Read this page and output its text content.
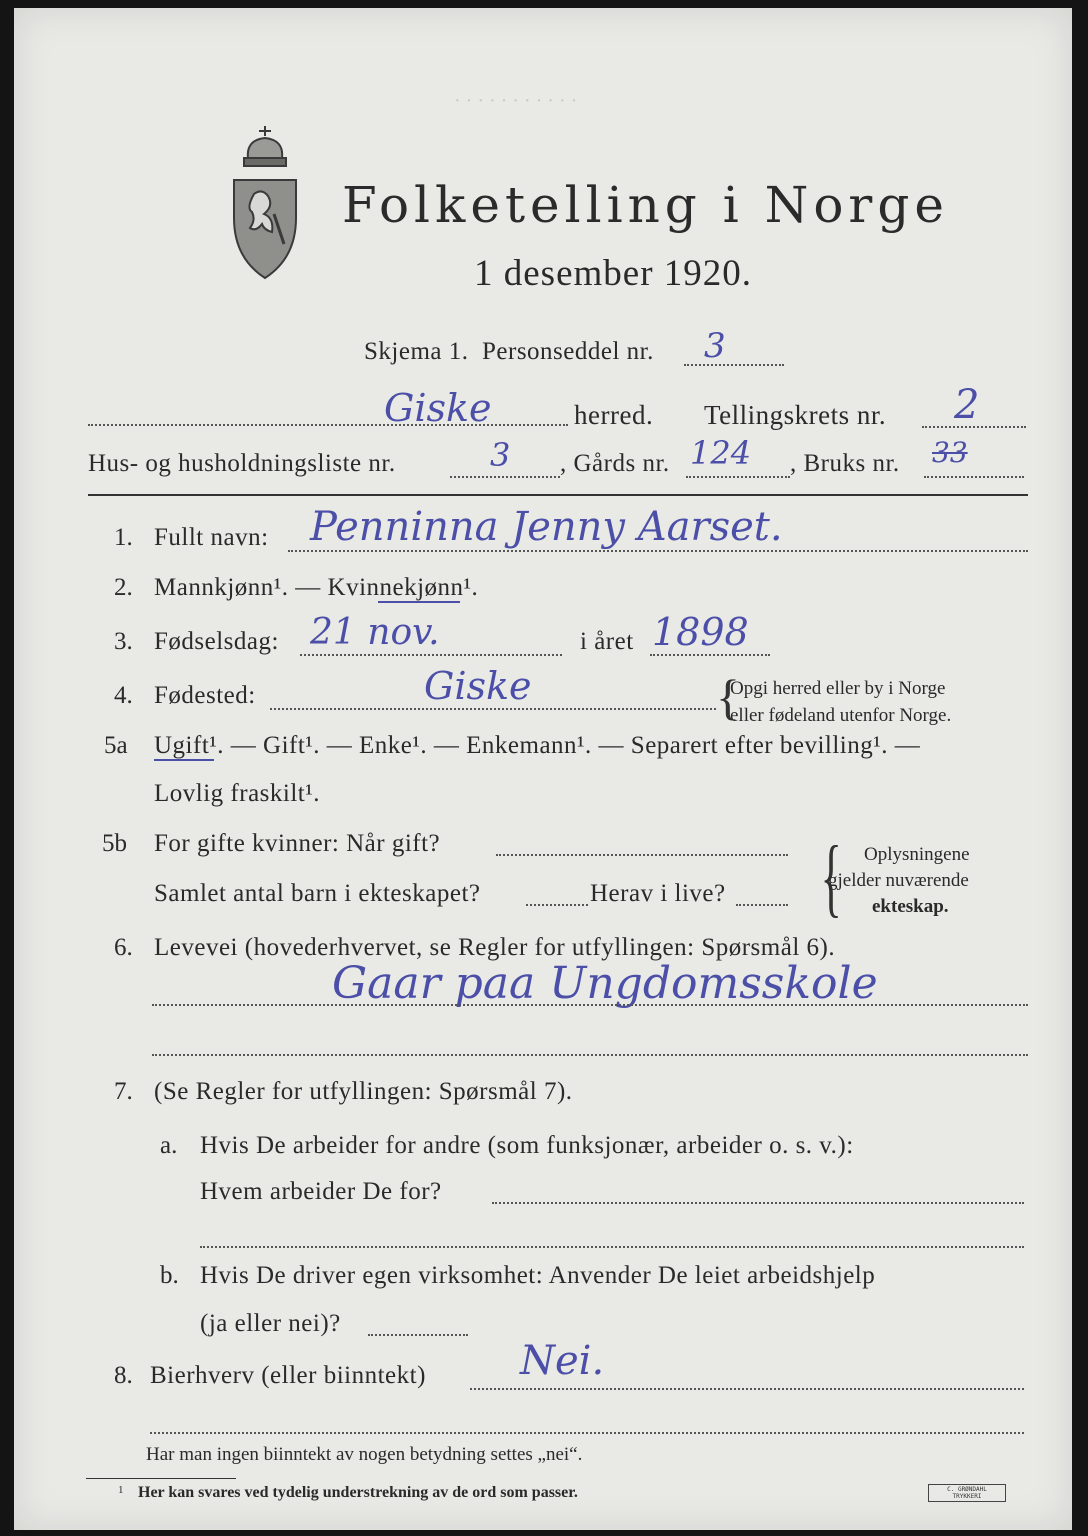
· · · · · · · · · · ·
Folketelling i Norge
1 desember 1920.
Skjema 1. Personseddel nr. 3
Giske	herred. Tellingskrets nr. 2
Hus- og husholdningsliste nr.	3 , Gårds nr. 124 , Bruks nr. 33
1. Fullt navn: Penninna Jenny Aarset.
2. Mannkjønn¹. — Kvinnekjønn¹.
3. Fødselsdag: 21 nov.	i året 1898
4. Fødested:	Giske	{
Opgi herred eller by i Norge
eller fødeland utenfor Norge.
5a Ugift¹. — Gift¹. — Enke¹. — Enkemann¹. — Separert efter bevilling¹. —
Lovlig fraskilt¹.
5b For gifte kvinner: Når gift?
Samlet antal barn i ekteskapet?	Herav i live? { Oplysningene
gjelder nuværende
ekteskap.
6. Levevei (hovederhvervet, se Regler for utfyllingen: Spørsmål 6).
Gaar paa Ungdomsskole
7. (Se Regler for utfyllingen: Spørsmål 7).
a. Hvis De arbeider for andre (som funksjonær, arbeider o. s. v.):
Hvem arbeider De for?
b. Hvis De driver egen virksomhet: Anvender De leiet arbeidshjelp
(ja eller nei)?
8. Bierhverv (eller biinntekt) Nei.
Har man ingen biinntekt av nogen betydning settes „nei“.
1 Her kan svares ved tydelig understrekning av de ord som passer.	C. GRØNDAHL TRYKKERI
